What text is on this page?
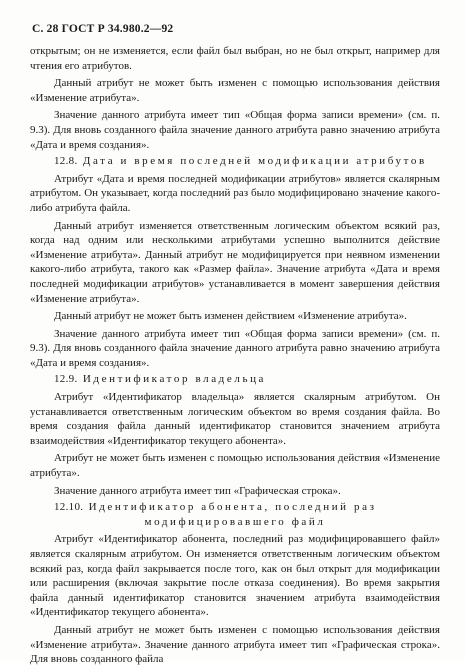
С. 28 ГОСТ Р 34.980.2—92

открытым; он не изменяется, если файл был выбран, но не был открыт, например для чтения его атрибутов.

Данный атрибут не может быть изменен с помощью использования действия «Изменение атрибута».

Значение данного атрибута имеет тип «Общая форма записи времени» (см. п. 9.3). Для вновь созданного файла значение данного атрибута равно значению атрибута «Дата и время создания».

12.8. Дата и время последней модификации атрибутов

Атрибут «Дата и время последней модификации атрибутов» является скалярным атрибутом. Он указывает, когда последний раз было модифицировано значение какого-либо атрибута файла.

Данный атрибут изменяется ответственным логическим объектом всякий раз, когда над одним или несколькими атрибутами успешно выполнится действие «Изменение атрибута». Данный атрибут не модифицируется при неявном изменении какого-либо атрибута, такого как «Размер файла». Значение атрибута «Дата и время последней модификации атрибутов» устанавливается в момент завершения действия «Изменение атрибута».

Данный атрибут не может быть изменен действием «Изменение атрибута».

Значение данного атрибута имеет тип «Общая форма записи времени» (см. п. 9.3). Для вновь созданного файла значение данного атрибута равно значению атрибута «Дата и время создания».

12.9. Идентификатор владельца

Атрибут «Идентификатор владельца» является скалярным атрибутом. Он устанавливается ответственным логическим объектом во время создания файла. Во время создания файла данный идентификатор становится значением атрибута взаимодействия «Идентификатор текущего абонента».

Атрибут не может быть изменен с помощью использования действия «Изменение атрибута».

Значение данного атрибута имеет тип «Графическая строка».

12.10. Идентификатор абонента, последний раз

модифицировавшего файл

Атрибут «Идентификатор абонента, последний раз модифицировавшего файл» является скалярным атрибутом. Он изменяется ответственным логическим объектом всякий раз, когда файл закрывается после того, как он был открыт для модификации или расширения (включая закрытие после отказа соединения). Во время закрытия файла данный идентификатор становится значением атрибута взаимодействия «Идентификатор текущего абонента».

Данный атрибут не может быть изменен с помощью использования действия «Изменение атрибута». Значение данного атрибута имеет тип «Графическая строка». Для вновь созданного файла
